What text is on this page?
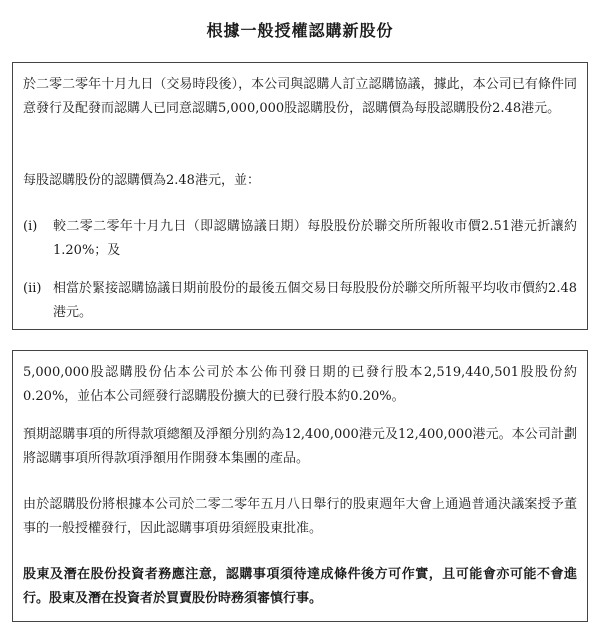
根據一般授權認購新股份
於二零二零年十月九日（交易時段後），本公司與認購人訂立認購協議，據此，本公司已有條件同意發行及配發而認購人已同意認購5,000,000股認購股份，認購價為每股認購股份2.48港元。
每股認購股份的認購價為2.48港元，並：
(i) 較二零二零年十月九日（即認購協議日期）每股股份於聯交所所報收市價2.51港元折讓約1.20%；及
(ii) 相當於緊接認購協議日期前股份的最後五個交易日每股股份於聯交所所報平均收市價約2.48港元。
5,000,000股認購股份佔本公司於本公佈刊發日期的已發行股本2,519,440,501股股份約0.20%，並佔本公司經發行認購股份擴大的已發行股本約0.20%。
預期認購事項的所得款項總額及淨額分別約為12,400,000港元及12,400,000港元。本公司計劃將認購事項所得款項淨額用作開發本集團的產品。
由於認購股份將根據本公司於二零二零年五月八日舉行的股東週年大會上通過普通決議案授予董事的一般授權發行，因此認購事項毋須經股東批准。
股東及潛在股份投資者務應注意，認購事項須待達成條件後方可作實，且可能會亦可能不會進行。股東及潛在投資者於買賣股份時務須審慎行事。
